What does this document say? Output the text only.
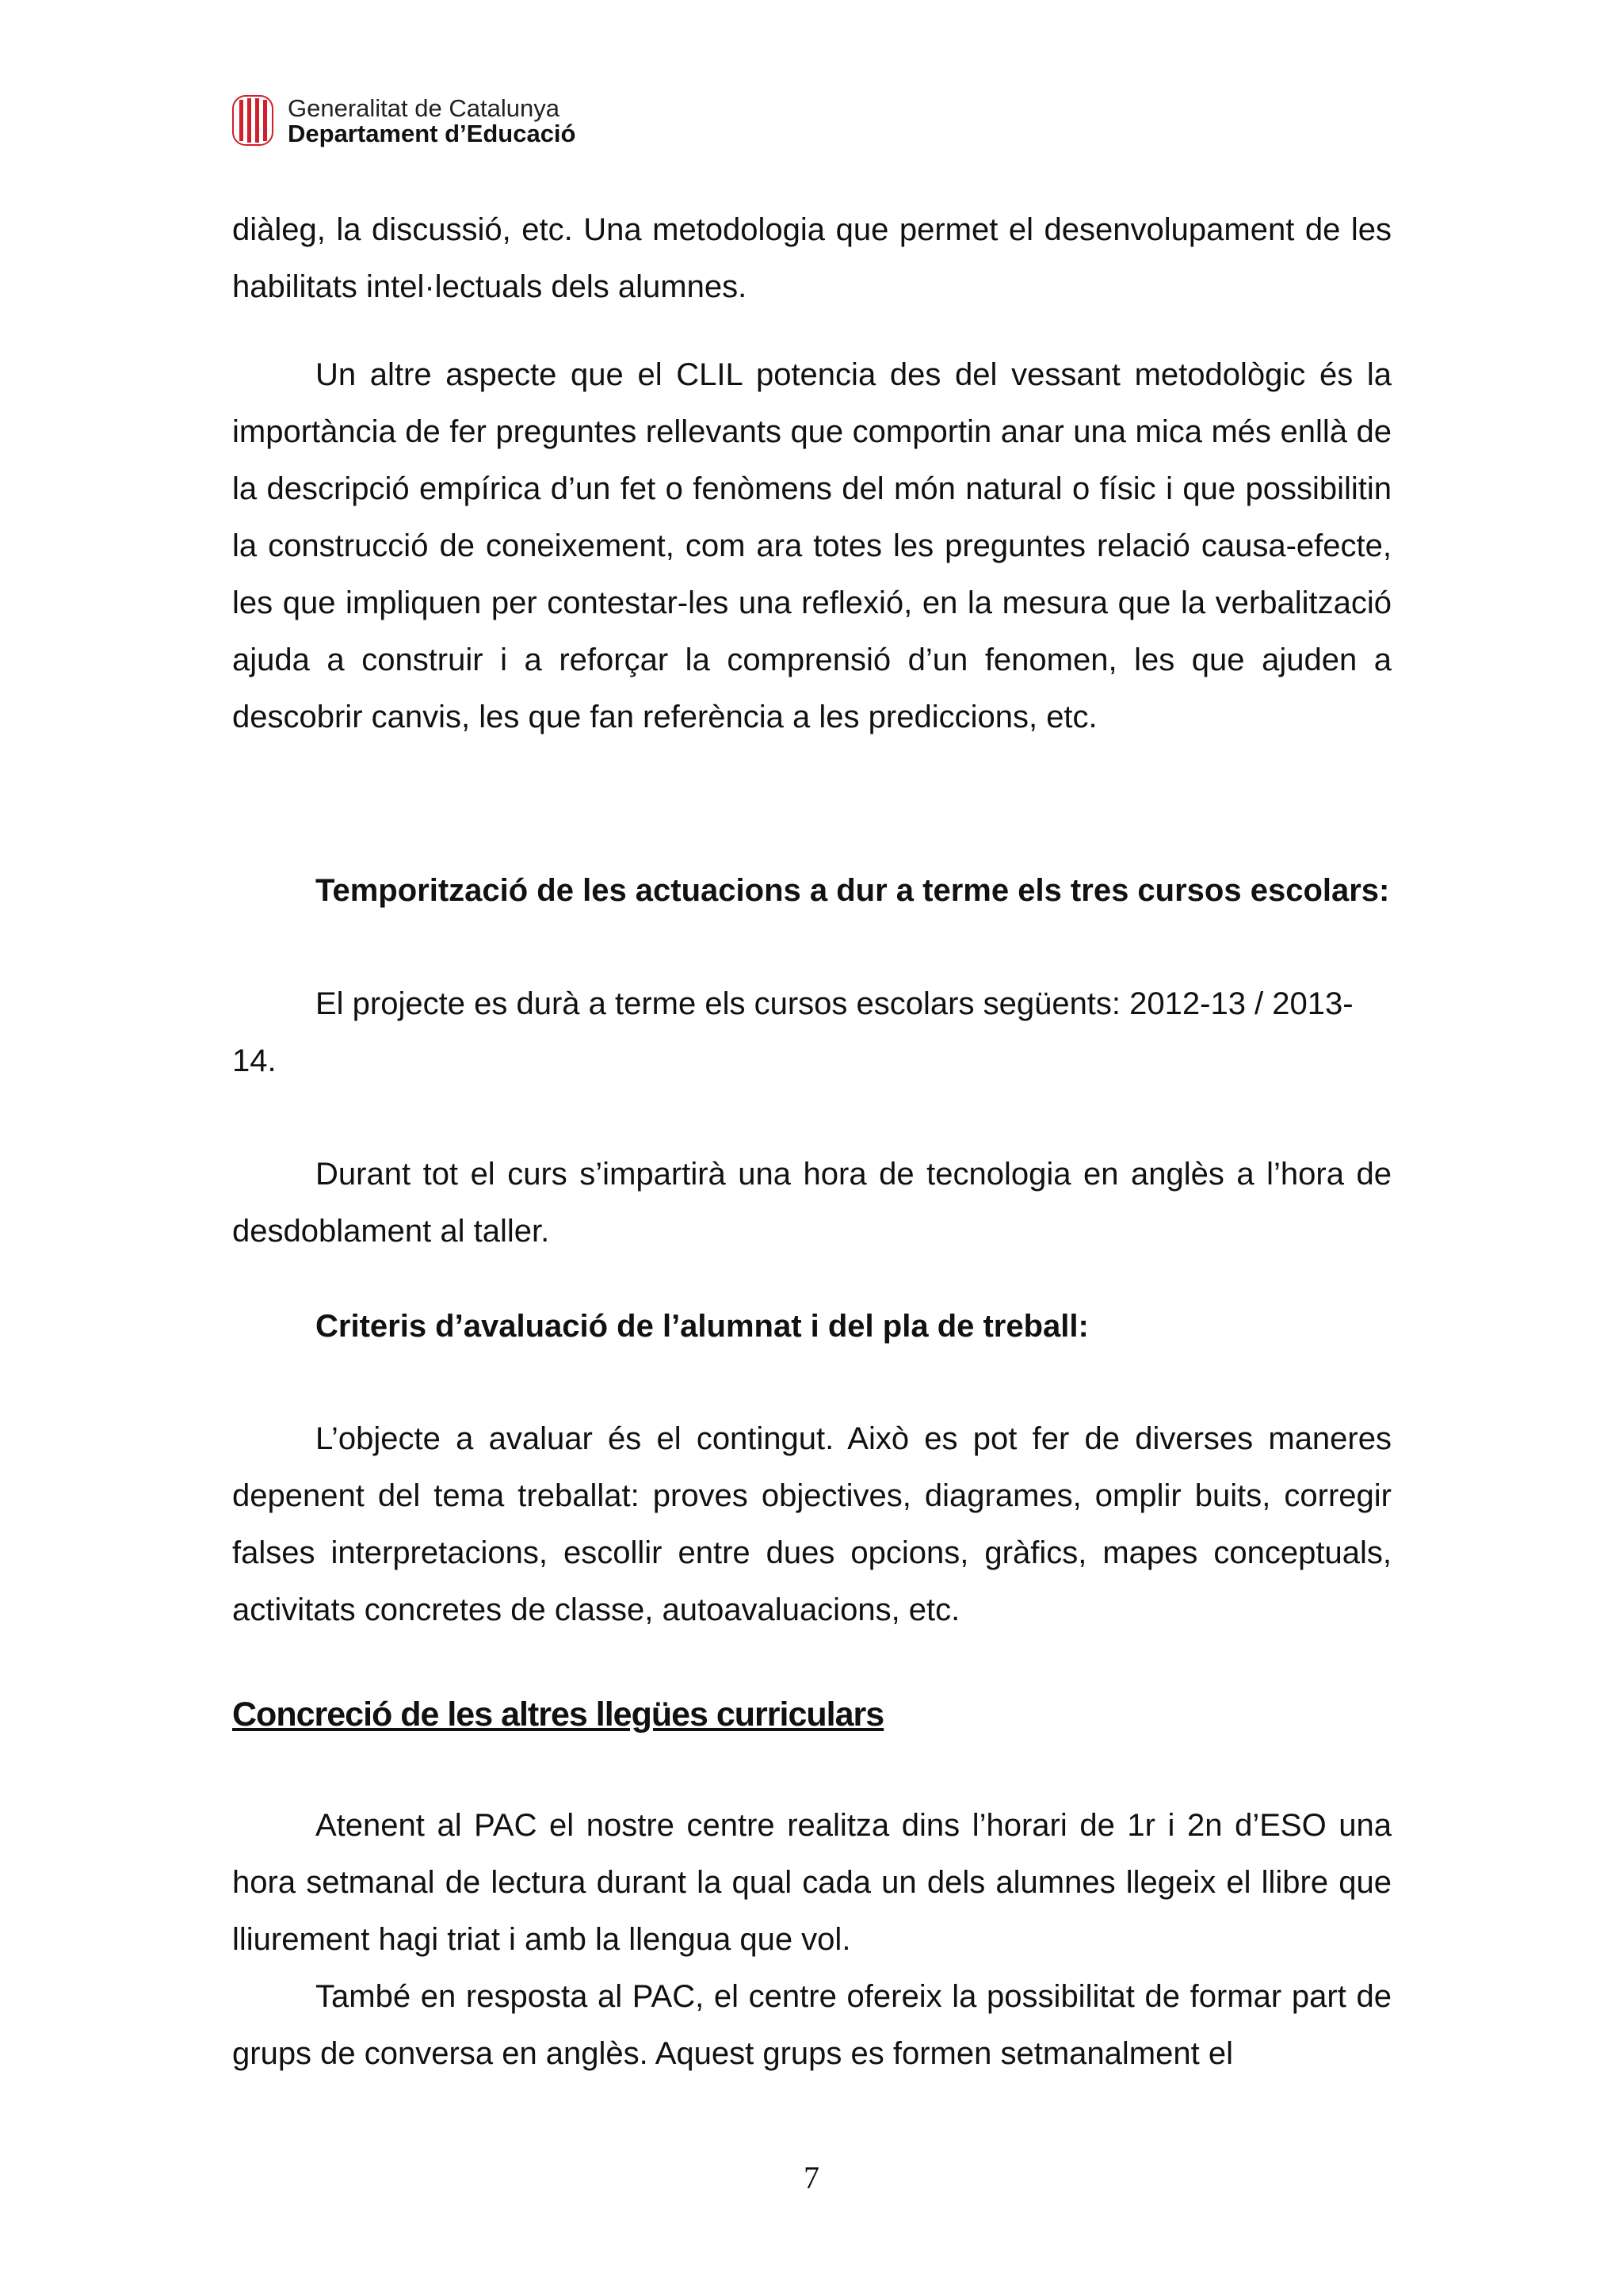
Generalitat de Catalunya
Departament d’Educació

diàleg, la discussió, etc. Una metodologia que permet el desenvolupament de les habilitats intel·lectuals dels alumnes.

Un altre aspecte que el CLIL potencia des del vessant metodològic és la importància de fer preguntes rellevants que comportin anar una mica més enllà de la descripció empírica d’un fet o fenòmens del món natural o físic i que possibilitin la construcció de coneixement, com ara totes les preguntes relació causa-efecte, les que impliquen per contestar-les una reflexió, en la mesura que la verbalització ajuda a construir i a reforçar la comprensió d’un fenomen, les que ajuden a descobrir canvis, les que fan referència a les prediccions, etc.

Temporització de les actuacions a dur a terme els tres cursos escolars:

El projecte es durà a terme els cursos escolars següents: 2012-13 / 2013-

14.

Durant tot el curs s’impartirà una hora de tecnologia en anglès a l’hora de desdoblament al taller.

Criteris d’avaluació de l’alumnat i del pla de treball:

L’objecte a avaluar és el contingut. Això es pot fer de diverses maneres depenent del tema treballat: proves objectives, diagrames, omplir buits, corregir falses interpretacions, escollir entre dues opcions, gràfics, mapes conceptuals, activitats concretes de classe, autoavaluacions, etc.

Concreció de les altres llegües curriculars

Atenent al PAC el nostre centre realitza dins l’horari de 1r i 2n d’ESO una hora setmanal de lectura durant la qual cada un dels alumnes llegeix el llibre que lliurement hagi triat i amb la llengua que vol.

També en resposta al PAC, el centre ofereix la possibilitat de formar part de grups de conversa en anglès. Aquest grups es formen setmanalment el

7
